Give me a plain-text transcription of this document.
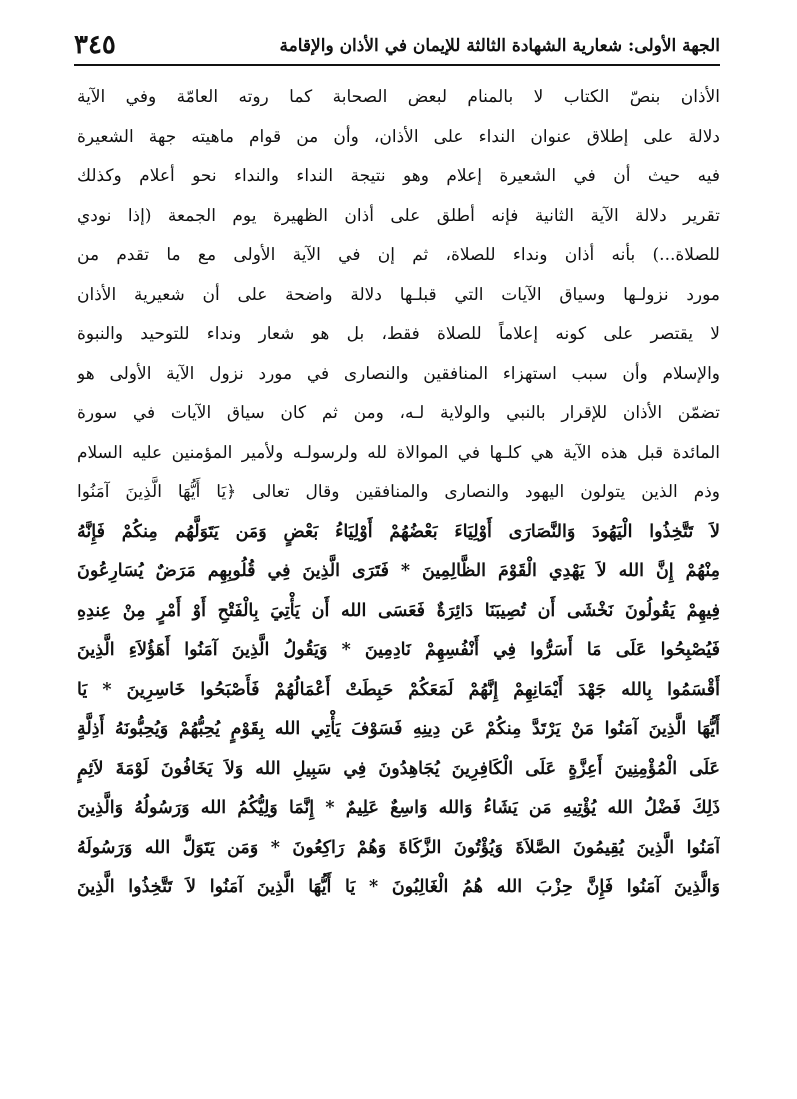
الجهة الأولى: شعارية الشهادة الثالثة للإيمان في الأذان والإقامة
٣٤٥
الأذان بنصّ الكتاب لا بالمنام لبعض الصحابة كما روته العامّة وفي الآية
دلالة على إطلاق عنوان النداء على الأذان، وأن من قوام ماهيته جهة الشعيرة
فيه حيث أن في الشعيرة إعلام وهو نتيجة النداء والنداء نحو أعلام وكذلك
تقرير دلالة الآية الثانية فإنه أطلق على أذان الظهيرة يوم الجمعة (إذا نودي
للصلاة...) بأنه أذان ونداء للصلاة، ثم إن في الآية الأولى مع ما تقدم من
مورد نزولـها وسياق الآيات التي قبلـها دلالة واضحة على أن شعيرية الأذان
لا يقتصر على كونه إعلاماً للصلاة فقط، بل هو شعار ونداء للتوحيد والنبوة
والإسلام وأن سبب استهزاء المنافقين والنصارى في مورد نزول الآية الأولى هو
تضمّن الأذان للإقرار بالنبي والولاية لـه، ومن ثم كان سياق الآيات في سورة
المائدة قبل هذه الآية هي كلـها في الموالاة لله ولرسولـه ولأمير المؤمنين عليه السلام
وذم الذين يتولون اليهود والنصارى والمنافقين وقال تعالى ﴿يَا أَيُّهَا الَّذِينَ آمَنُوا
لاَ تَتَّخِذُوا الْيَهُودَ وَالنَّصَارَى أَوْلِيَاءَ بَعْضُهُمْ أَوْلِيَاءُ بَعْضٍ وَمَن يَتَوَلَّهُم مِنكُمْ فَإِنَّهُ
مِنْهُمْ إِنَّ الله لاَ يَهْدِي الْقَوْمَ الظَّالِمِينَ * فَتَرَى الَّذِينَ فِي قُلُوبِهِم مَرَضٌ يُسَارِعُونَ
فِيهِمْ يَقُولُونَ نَخْشَى أَن تُصِيبَنَا دَائِرَةٌ فَعَسَى الله أَن يَأْتِيَ بِالْفَتْحِ أَوْ أَمْرٍ مِنْ عِندِهِ
فَيُصْبِحُوا عَلَى مَا أَسَرُّوا فِي أَنْفُسِهِمْ نَادِمِينَ * وَيَقُولُ الَّذِينَ آمَنُوا أَهَؤُلاَءِ الَّذِينَ
أَقْسَمُوا بِالله جَهْدَ أَيْمَانِهِمْ إِنَّهُمْ لَمَعَكُمْ حَبِطَتْ أَعْمَالُهُمْ فَأَصْبَحُوا خَاسِرِينَ * يَا
أَيُّهَا الَّذِينَ آمَنُوا مَنْ يَرْتَدَّ مِنكُمْ عَن دِينِهِ فَسَوْفَ يَأْتِي الله بِقَوْمٍ يُحِبُّهُمْ وَيُحِبُّونَهُ أَذِلَّةٍ
عَلَى الْمُؤْمِنِينَ أَعِزَّةٍ عَلَى الْكَافِرِينَ يُجَاهِدُونَ فِي سَبِيلِ الله وَلاَ يَخَافُونَ لَوْمَةَ لاَئِمٍ
ذَلِكَ فَضْلُ الله يُؤْتِيهِ مَن يَشَاءُ وَالله وَاسِعٌ عَلِيمٌ * إِنَّمَا وَلِيُّكُمُ الله وَرَسُولُهُ وَالَّذِينَ
آمَنُوا الَّذِينَ يُقِيمُونَ الصَّلاَةَ وَيُؤْتُونَ الزَّكَاةَ وَهُمْ رَاكِعُونَ * وَمَن يَتَوَلَّ الله وَرَسُولَهُ
وَالَّذِينَ آمَنُوا فَإِنَّ حِزْبَ الله هُمُ الْغَالِبُونَ * يَا أَيُّهَا الَّذِينَ آمَنُوا لاَ تَتَّخِذُوا الَّذِينَ
